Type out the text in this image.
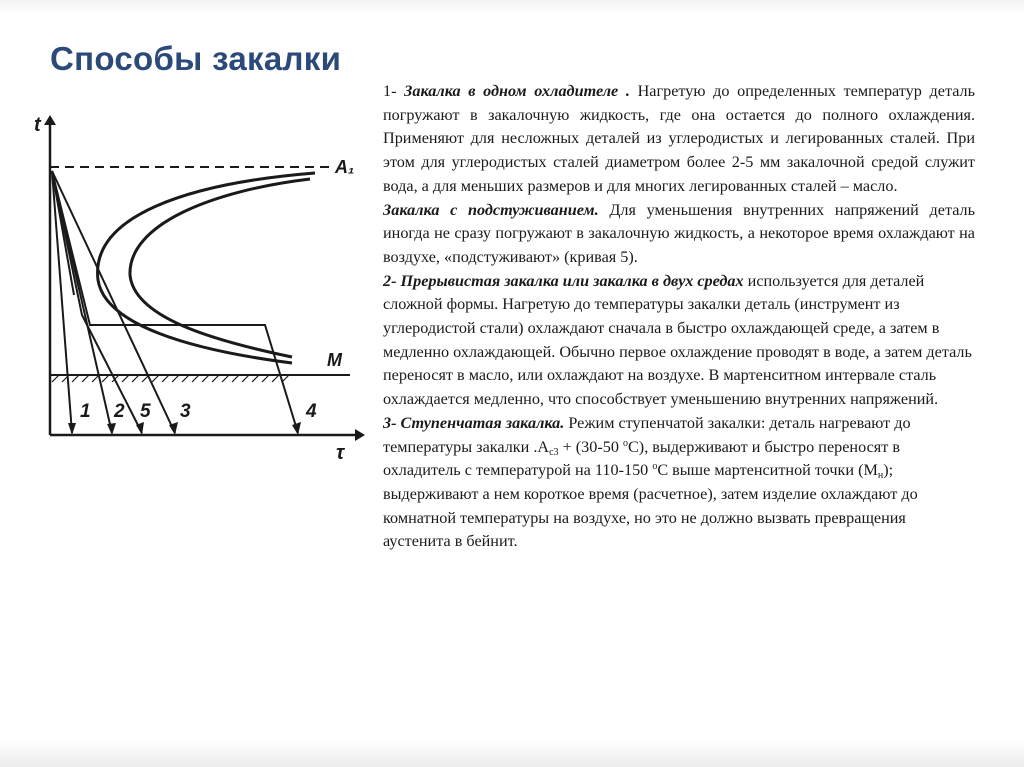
Способы закалки
t
τ
A₁
M
1 2 5 3	4

1- Закалка в одном охладителе . Нагретую до определенных температур деталь погружают в закалочную жидкость, где она остается до полного охлаждения. Применяют для несложных деталей из углеродистых и легированных сталей. При этом для углеродистых сталей диаметром более 2-5 мм закалочной средой служит вода, а для меньших размеров и для многих легированных сталей – масло.

Закалка с подстуживанием. Для уменьшения внутренних напряжений деталь иногда не сразу погружают в закалочную жидкость, а некоторое время охлаждают на воздухе, «подстуживают» (кривая 5).

2- Прерывистая закалка или закалка в двух средах используется для деталей сложной формы. Нагретую до температуры закалки деталь (инструмент из углеродистой стали) охлаждают сначала в быстро охлаждающей среде, а затем в медленно охлаждающей. Обычно первое охлаждение проводят в воде, а затем деталь переносят в масло, или охлаждают на воздухе. В мартенситном интервале сталь охлаждается медленно, что способствует уменьшению внутренних напряжений.

3- Ступенчатая закалка. Режим ступенчатой закалки: деталь нагревают до температуры закалки $.А_{c3} + (30-50$ $^о$С), выдерживают и быстро переносят в охладитель с температурой на 110-150 $^о$С выше мартенситной точки $(М_н)$; выдерживают а нем короткое время (расчетное), затем изделие охлаждают до комнатной температуры на воздухе, но это не должно вызвать превращения аустенита в бейнит.
